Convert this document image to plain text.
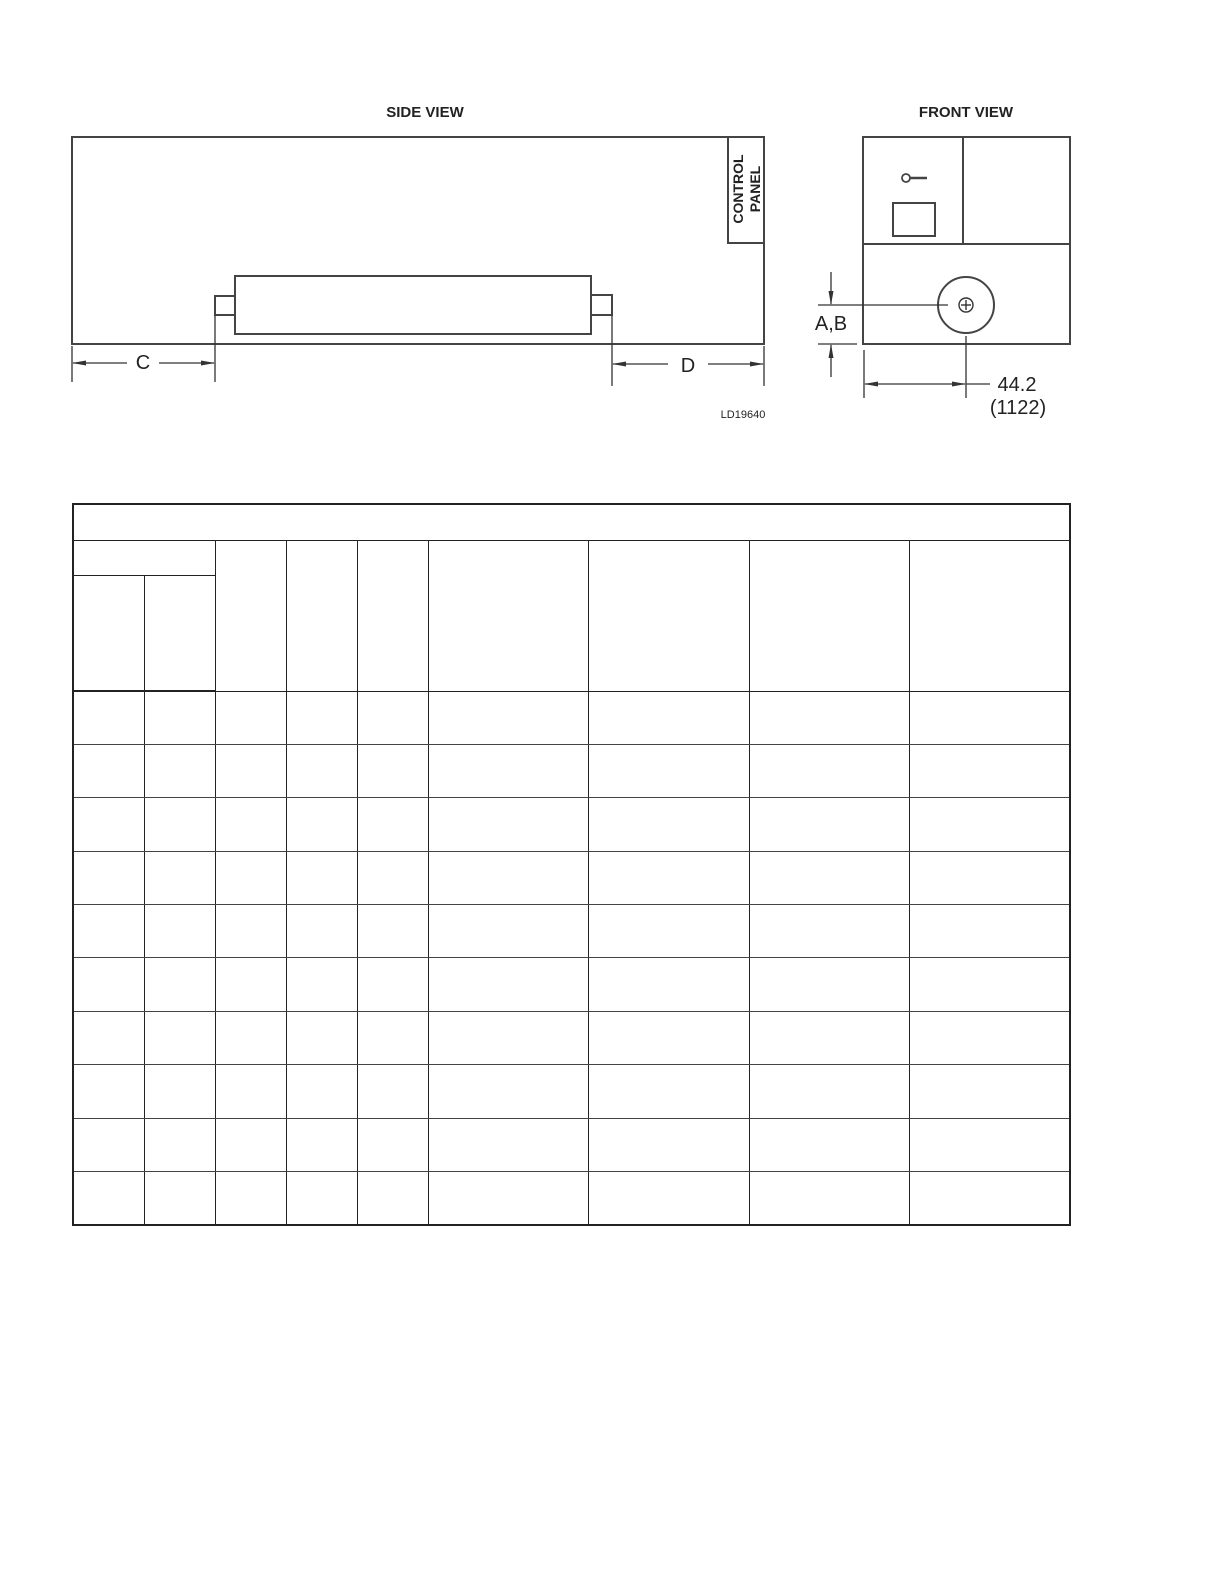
SIDE VIEW
CONTROL PANEL
C	D
LD19640
FRONT VIEW
A,B
44.2
(1122)
